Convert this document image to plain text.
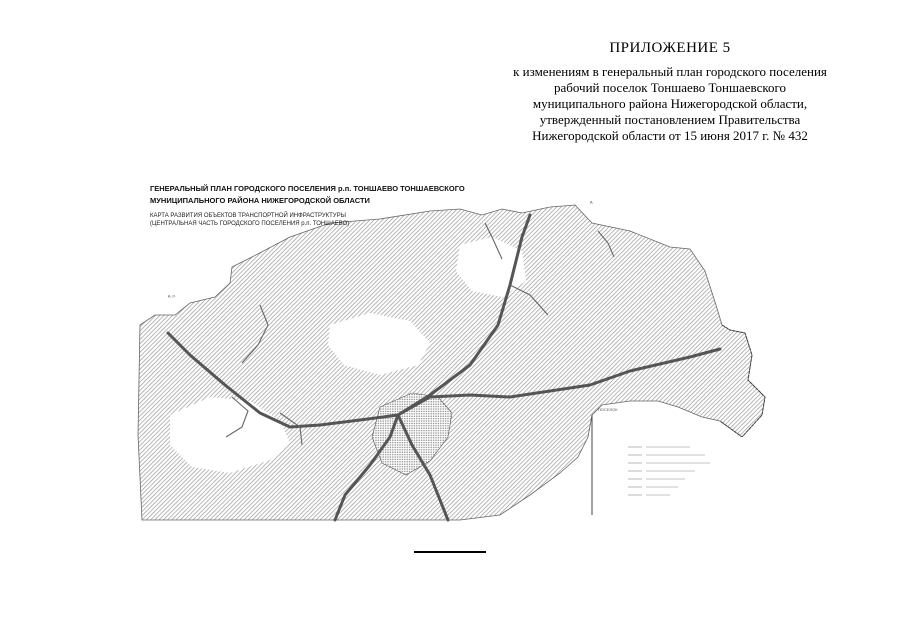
ПРИЛОЖЕНИЕ 5
к изменениям в генеральный план городского поселения
рабочий поселок Тоншаево Тоншаевского
муниципального района Нижегородской области,
утвержденный постановлением Правительства
Нижегородской области от 15 июня 2017 г. № 432
д. р.
д.
ПОСЕЛОК
ГЕНЕРАЛЬНЫЙ ПЛАН ГОРОДСКОГО ПОСЕЛЕНИЯ р.п. ТОНШАЕВО ТОНШАЕВСКОГО
МУНИЦИПАЛЬНОГО РАЙОНА НИЖЕГОРОДСКОЙ ОБЛАСТИ
КАРТА РАЗВИТИЯ ОБЪЕКТОВ ТРАНСПОРТНОЙ ИНФРАСТРУКТУРЫ
(ЦЕНТРАЛЬНАЯ ЧАСТЬ ГОРОДСКОГО ПОСЕЛЕНИЯ р.п. ТОНШАЕВО)
